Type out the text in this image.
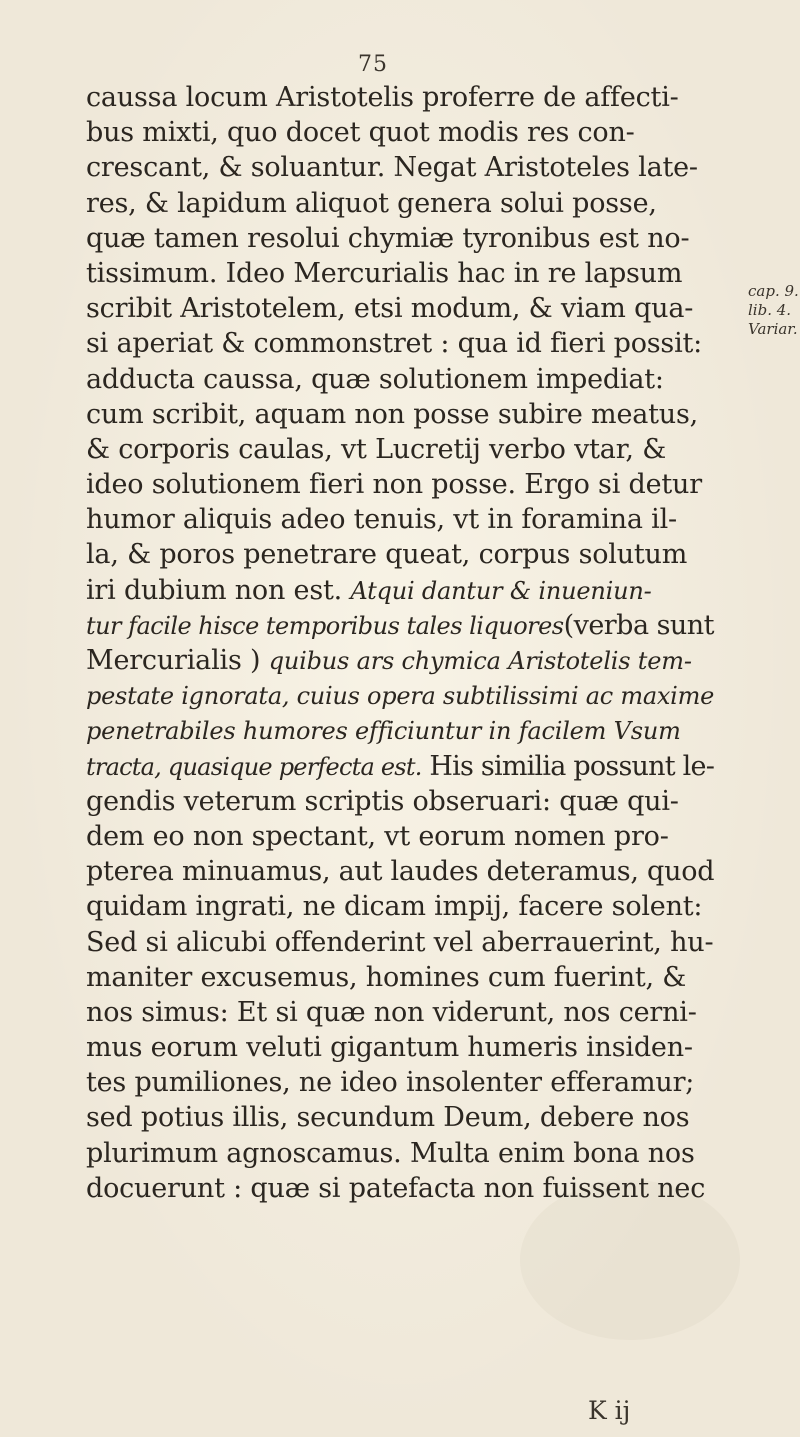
75
caussa locum Aristotelis proferre de affecti-
bus mixti, quo docet quot modis res con-
crescant, & soluantur. Negat Aristoteles late-
res, & lapidum aliquot genera solui posse,
quæ tamen resolui chymiæ tyronibus est no-
tissimum. Ideo Mercurialis hac in re lapsum
scribit Aristotelem, etsi modum, & viam qua-
si aperiat & commonstret : qua id fieri possit:
adducta caussa, quæ solutionem impediat:
cum scribit, aquam non posse subire meatus,
& corporis caulas, vt Lucretij verbo vtar, &
ideo solutionem fieri non posse. Ergo si detur
humor aliquis adeo tenuis, vt in foramina il-
la, & poros penetrare queat, corpus solutum
iri dubium non est. Atqui dantur & inueniun-
tur facile hisce temporibus tales liquores(verba sunt
Mercurialis ) quibus ars chymica Aristotelis tem-
pestate ignorata, cuius opera subtilissimi ac maxime
penetrabiles humores efficiuntur in facilem Vsum
tracta, quasique perfecta est. His similia possunt le-
gendis veterum scriptis obseruari: quæ qui-
dem eo non spectant, vt eorum nomen pro-
pterea minuamus, aut laudes deteramus, quod
quidam ingrati, ne dicam impij, facere solent:
Sed si alicubi offenderint vel aberrauerint, hu-
maniter excusemus, homines cum fuerint, &
nos simus: Et si quæ non viderunt, nos cerni-
mus eorum veluti gigantum humeris insiden-
tes pumiliones, ne ideo insolenter efferamur;
sed potius illis, secundum Deum, debere nos
plurimum agnoscamus. Multa enim bona nos
docuerunt : quæ si patefacta non fuissent nec
cap. 9.
lib. 4.
Variar.
K ij
